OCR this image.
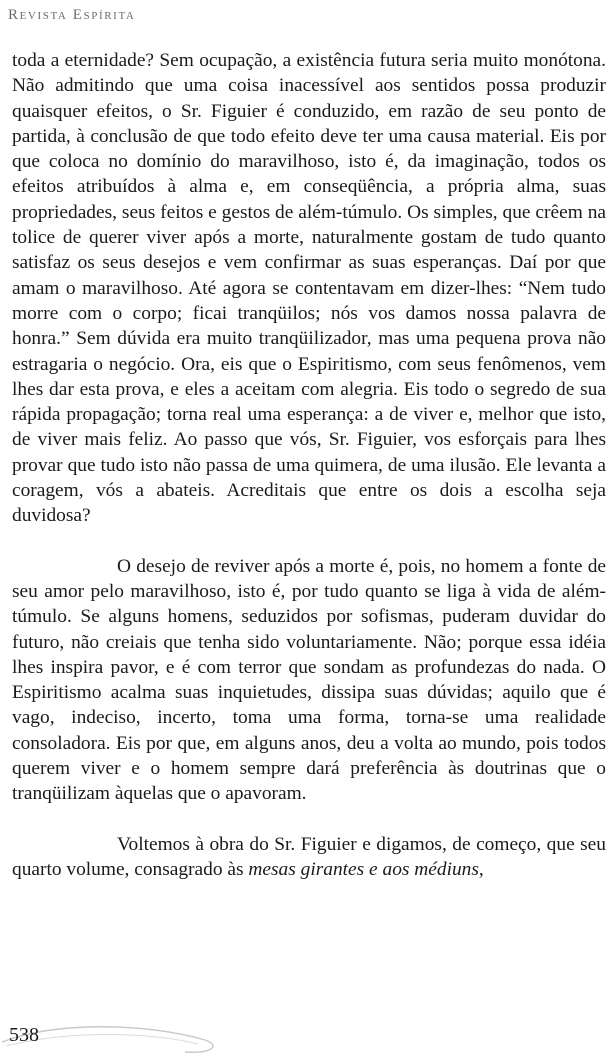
Revista Espírita

toda a eternidade? Sem ocupação, a existência futura seria muito monótona. Não admitindo que uma coisa inacessível aos sentidos possa produzir quaisquer efeitos, o Sr. Figuier é conduzido, em razão de seu ponto de partida, à conclusão de que todo efeito deve ter uma causa material. Eis por que coloca no domínio do maravilhoso, isto é, da imaginação, todos os efeitos atribuídos à alma e, em conseqüência, a própria alma, suas propriedades, seus feitos e gestos de além-túmulo. Os simples, que crêem na tolice de querer viver após a morte, naturalmente gostam de tudo quanto satisfaz os seus desejos e vem confirmar as suas esperanças. Daí por que amam o maravilhoso. Até agora se contentavam em dizer-lhes: “Nem tudo morre com o corpo; ficai tranqüilos; nós vos damos nossa palavra de honra.” Sem dúvida era muito tranqüilizador, mas uma pequena prova não estragaria o negócio. Ora, eis que o Espiritismo, com seus fenômenos, vem lhes dar esta prova, e eles a aceitam com alegria. Eis todo o segredo de sua rápida propagação; torna real uma esperança: a de viver e, melhor que isto, de viver mais feliz. Ao passo que vós, Sr. Figuier, vos esforçais para lhes provar que tudo isto não passa de uma quimera, de uma ilusão. Ele levanta a coragem, vós a abateis. Acreditais que entre os dois a escolha seja duvidosa?

O desejo de reviver após a morte é, pois, no homem a fonte de seu amor pelo maravilhoso, isto é, por tudo quanto se liga à vida de além-túmulo. Se alguns homens, seduzidos por sofismas, puderam duvidar do futuro, não creiais que tenha sido voluntariamente. Não; porque essa idéia lhes inspira pavor, e é com terror que sondam as profundezas do nada. O Espiritismo acalma suas inquietudes, dissipa suas dúvidas; aquilo que é vago, indeciso, incerto, toma uma forma, torna-se uma realidade consoladora. Eis por que, em alguns anos, deu a volta ao mundo, pois todos querem viver e o homem sempre dará preferência às doutrinas que o tranqüilizam àquelas que o apavoram.

Voltemos à obra do Sr. Figuier e digamos, de começo, que seu quarto volume, consagrado às mesas girantes e aos médiuns,

538
